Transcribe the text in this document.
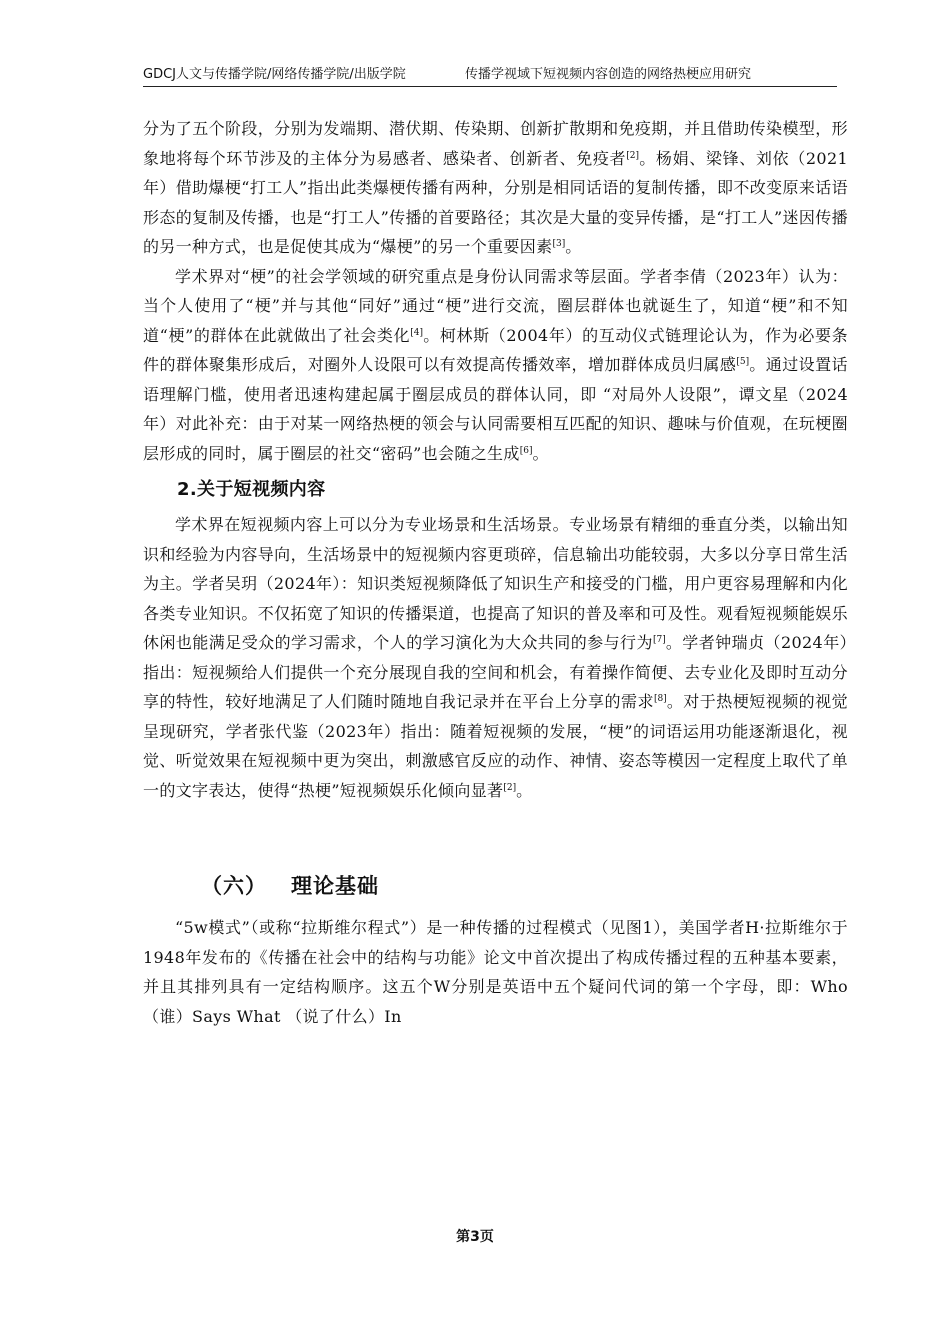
GDCJ人文与传播学院/网络传播学院/出版学院	传播学视域下短视频内容创造的网络热梗应用研究

分为了五个阶段，分别为发端期、潜伏期、传染期、创新扩散期和免疫期，并且借助传染模型，形象地将每个环节涉及的主体分为易感者、感染者、创新者、免疫者[2]。杨娟、梁锋、刘依（2021年）借助爆梗“打工人”指出此类爆梗传播有两种，分别是相同话语的复制传播，即不改变原来话语形态的复制及传播，也是“打工人”传播的首要路径；其次是大量的变异传播，是“打工人”迷因传播的另一种方式，也是促使其成为“爆梗”的另一个重要因素[3]。

学术界对“梗”的社会学领域的研究重点是身份认同需求等层面。学者李倩（2023年）认为：当个人使用了“梗”并与其他“同好”通过“梗”进行交流，圈层群体也就诞生了，知道“梗”和不知道“梗”的群体在此就做出了社会类化[4]。柯林斯（2004年）的互动仪式链理论认为，作为必要条件的群体聚集形成后，对圈外人设限可以有效提高传播效率，增加群体成员归属感[5]。通过设置话语理解门槛，使用者迅速构建起属于圈层成员的群体认同，即 “对局外人设限”，谭文星（2024年）对此补充：由于对某一网络热梗的领会与认同需要相互匹配的知识、趣味与价值观，在玩梗圈层形成的同时，属于圈层的社交“密码”也会随之生成[6]。

2.关于短视频内容

学术界在短视频内容上可以分为专业场景和生活场景。专业场景有精细的垂直分类，以输出知识和经验为内容导向，生活场景中的短视频内容更琐碎，信息输出功能较弱，大多以分享日常生活为主。学者吴玥（2024年）：知识类短视频降低了知识生产和接受的门槛，用户更容易理解和内化各类专业知识。不仅拓宽了知识的传播渠道，也提高了知识的普及率和可及性。观看短视频能娱乐休闲也能满足受众的学习需求，个人的学习演化为大众共同的参与行为[7]。学者钟瑞贞（2024年）指出：短视频给人们提供一个充分展现自我的空间和机会，有着操作简便、去专业化及即时互动分享的特性，较好地满足了人们随时随地自我记录并在平台上分享的需求[8]。对于热梗短视频的视觉呈现研究，学者张代鉴（2023年）指出：随着短视频的发展，“梗”的词语运用功能逐渐退化，视觉、听觉效果在短视频中更为突出，刺激感官反应的动作、神情、姿态等模因一定程度上取代了单一的文字表达，使得“热梗”短视频娱乐化倾向显著[2]。

（六） 理论基础

“5w模式”（或称“拉斯维尔程式”）是一种传播的过程模式（见图1），美国学者H·拉斯维尔于1948年发布的《传播在社会中的结构与功能》论文中首次提出了构成传播过程的五种基本要素，并且其排列具有一定结构顺序。这五个W分别是英语中五个疑问代词的第一个字母，即：Who （谁）Says What （说了什么）In

第3页
